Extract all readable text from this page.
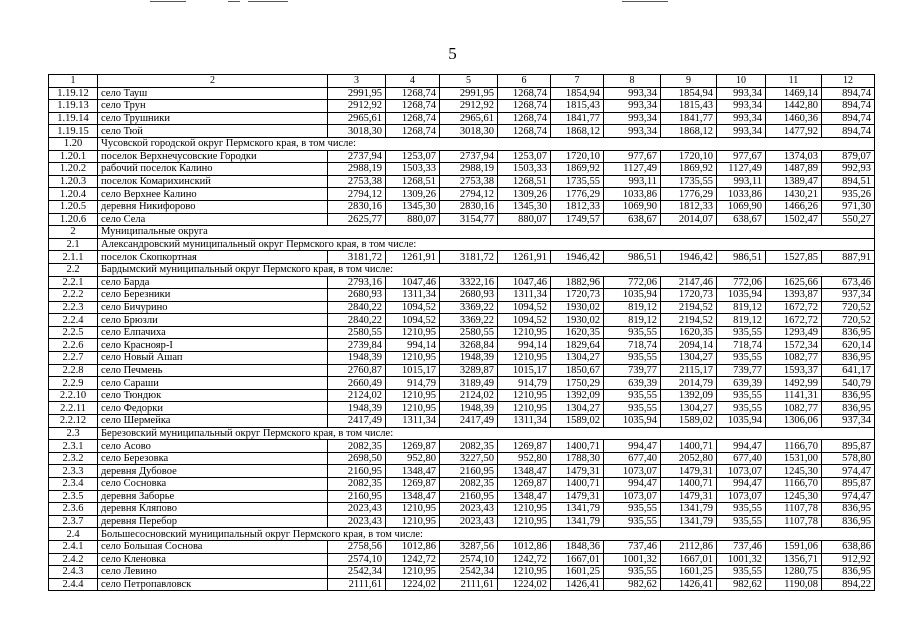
5
1	2	3	4	5	6	7	8	9	10	11	12
1.19.12	село Тауш	2991,95	1268,74	2991,95	1268,74	1854,94	993,34	1854,94	993,34	1469,14	894,74
1.19.13	село Трун	2912,92	1268,74	2912,92	1268,74	1815,43	993,34	1815,43	993,34	1442,80	894,74
1.19.14	село Трушники	2965,61	1268,74	2965,61	1268,74	1841,77	993,34	1841,77	993,34	1460,36	894,74
1.19.15	село Тюй	3018,30	1268,74	3018,30	1268,74	1868,12	993,34	1868,12	993,34	1477,92	894,74
1.20	Чусовской городской округ Пермского края, в том числе:										
1.20.1	поселок Верхнечусовские Городки	2737,94	1253,07	2737,94	1253,07	1720,10	977,67	1720,10	977,67	1374,03	879,07
1.20.2	рабочий поселок Калино	2988,19	1503,33	2988,19	1503,33	1869,92	1127,49	1869,92	1127,49	1487,89	992,93
1.20.3	поселок Комарихинский	2753,38	1268,51	2753,38	1268,51	1735,55	993,11	1735,55	993,11	1389,47	894,51
1.20.4	село Верхнее Калино	2794,12	1309,26	2794,12	1309,26	1776,29	1033,86	1776,29	1033,86	1430,21	935,26
1.20.5	деревня Никифорово	2830,16	1345,30	2830,16	1345,30	1812,33	1069,90	1812,33	1069,90	1466,26	971,30
1.20.6	село Села	2625,77	880,07	3154,77	880,07	1749,57	638,67	2014,07	638,67	1502,47	550,27
2	Муниципальные округа										
2.1	Александровский муниципальный округ Пермского края, в том числе:										
2.1.1	поселок Скопкортная	3181,72	1261,91	3181,72	1261,91	1946,42	986,51	1946,42	986,51	1527,85	887,91
2.2	Бардымский муниципальный округ Пермского края, в том числе:										
2.2.1	село Барда	2793,16	1047,46	3322,16	1047,46	1882,96	772,06	2147,46	772,06	1625,66	673,46
2.2.2	село Березники	2680,93	1311,34	2680,93	1311,34	1720,73	1035,94	1720,73	1035,94	1393,87	937,34
2.2.3	село Бичурино	2840,22	1094,52	3369,22	1094,52	1930,02	819,12	2194,52	819,12	1672,72	720,52
2.2.4	село Брюзли	2840,22	1094,52	3369,22	1094,52	1930,02	819,12	2194,52	819,12	1672,72	720,52
2.2.5	село Елпачиха	2580,55	1210,95	2580,55	1210,95	1620,35	935,55	1620,35	935,55	1293,49	836,95
2.2.6	село Краснояр-I	2739,84	994,14	3268,84	994,14	1829,64	718,74	2094,14	718,74	1572,34	620,14
2.2.7	село Новый Ашап	1948,39	1210,95	1948,39	1210,95	1304,27	935,55	1304,27	935,55	1082,77	836,95
2.2.8	село Печмень	2760,87	1015,17	3289,87	1015,17	1850,67	739,77	2115,17	739,77	1593,37	641,17
2.2.9	село Сараши	2660,49	914,79	3189,49	914,79	1750,29	639,39	2014,79	639,39	1492,99	540,79
2.2.10	село Тюндюк	2124,02	1210,95	2124,02	1210,95	1392,09	935,55	1392,09	935,55	1141,31	836,95
2.2.11	село Федорки	1948,39	1210,95	1948,39	1210,95	1304,27	935,55	1304,27	935,55	1082,77	836,95
2.2.12	село Шермейка	2417,49	1311,34	2417,49	1311,34	1589,02	1035,94	1589,02	1035,94	1306,06	937,34
2.3	Березовский муниципальный округ Пермского края, в том числе:										
2.3.1	село Асово	2082,35	1269,87	2082,35	1269,87	1400,71	994,47	1400,71	994,47	1166,70	895,87
2.3.2	село Березовка	2698,50	952,80	3227,50	952,80	1788,30	677,40	2052,80	677,40	1531,00	578,80
2.3.3	деревня Дубовое	2160,95	1348,47	2160,95	1348,47	1479,31	1073,07	1479,31	1073,07	1245,30	974,47
2.3.4	село Сосновка	2082,35	1269,87	2082,35	1269,87	1400,71	994,47	1400,71	994,47	1166,70	895,87
2.3.5	деревня Заборье	2160,95	1348,47	2160,95	1348,47	1479,31	1073,07	1479,31	1073,07	1245,30	974,47
2.3.6	деревня Кляпово	2023,43	1210,95	2023,43	1210,95	1341,79	935,55	1341,79	935,55	1107,78	836,95
2.3.7	деревня Перебор	2023,43	1210,95	2023,43	1210,95	1341,79	935,55	1341,79	935,55	1107,78	836,95
2.4	Большесосновский муниципальный округ Пермского края, в том числе:										
2.4.1	село Большая Соснова	2758,56	1012,86	3287,56	1012,86	1848,36	737,46	2112,86	737,46	1591,06	638,86
2.4.2	село Кленовка	2574,10	1242,72	2574,10	1242,72	1667,01	1001,32	1667,01	1001,32	1356,71	912,92
2.4.3	село Левино	2542,34	1210,95	2542,34	1210,95	1601,25	935,55	1601,25	935,55	1280,75	836,95
2.4.4	село Петропавловск	2111,61	1224,02	2111,61	1224,02	1426,41	982,62	1426,41	982,62	1190,08	894,22
